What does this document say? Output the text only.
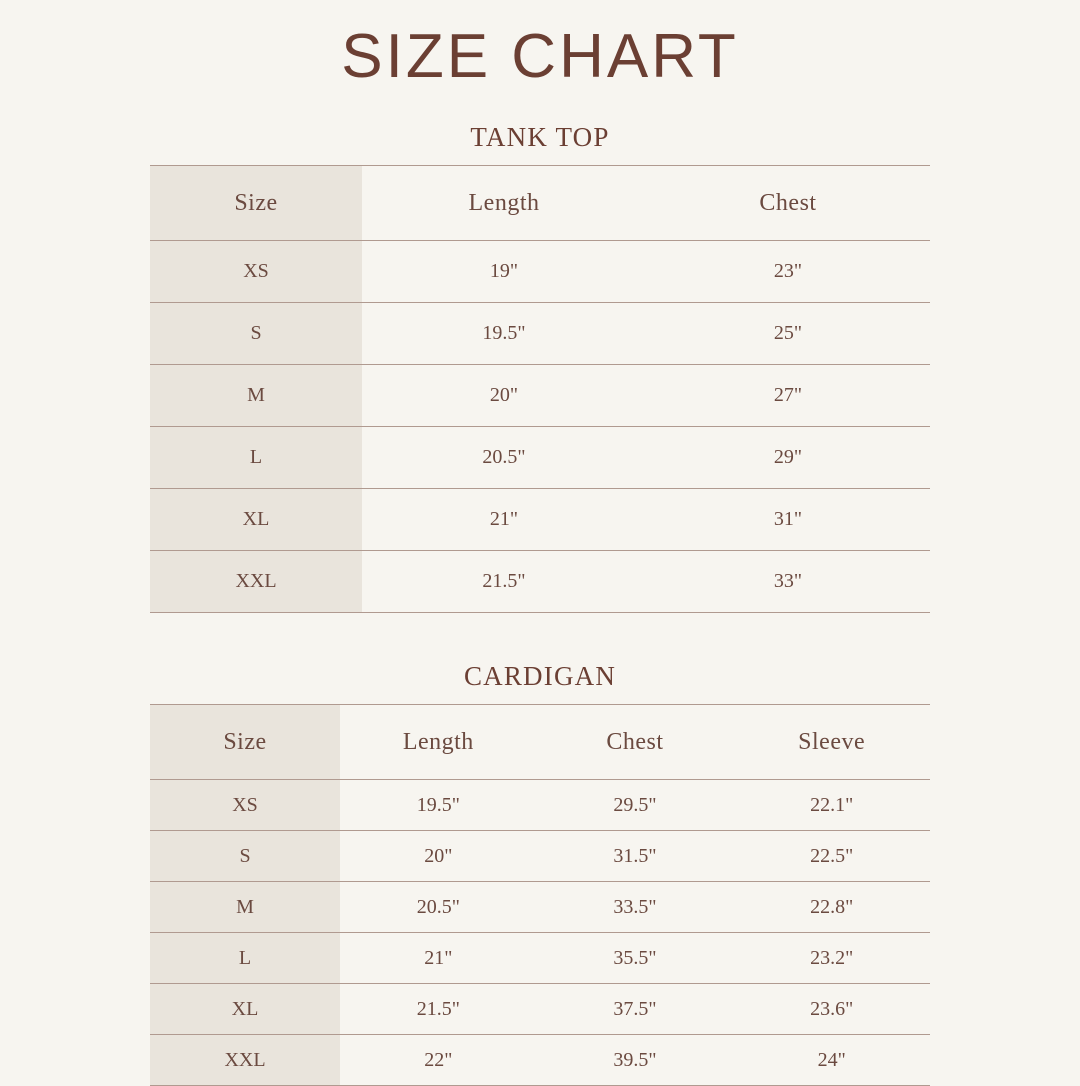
SIZE CHART
TANK TOP
Size	Length	Chest
XS	19"	23"
S	19.5"	25"
M	20"	27"
L	20.5"	29"
XL	21"	31"
XXL	21.5"	33"
CARDIGAN
Size	Length	Chest	Sleeve
XS	19.5"	29.5"	22.1"
S	20"	31.5"	22.5"
M	20.5"	33.5"	22.8"
L	21"	35.5"	23.2"
XL	21.5"	37.5"	23.6"
XXL	22"	39.5"	24"
